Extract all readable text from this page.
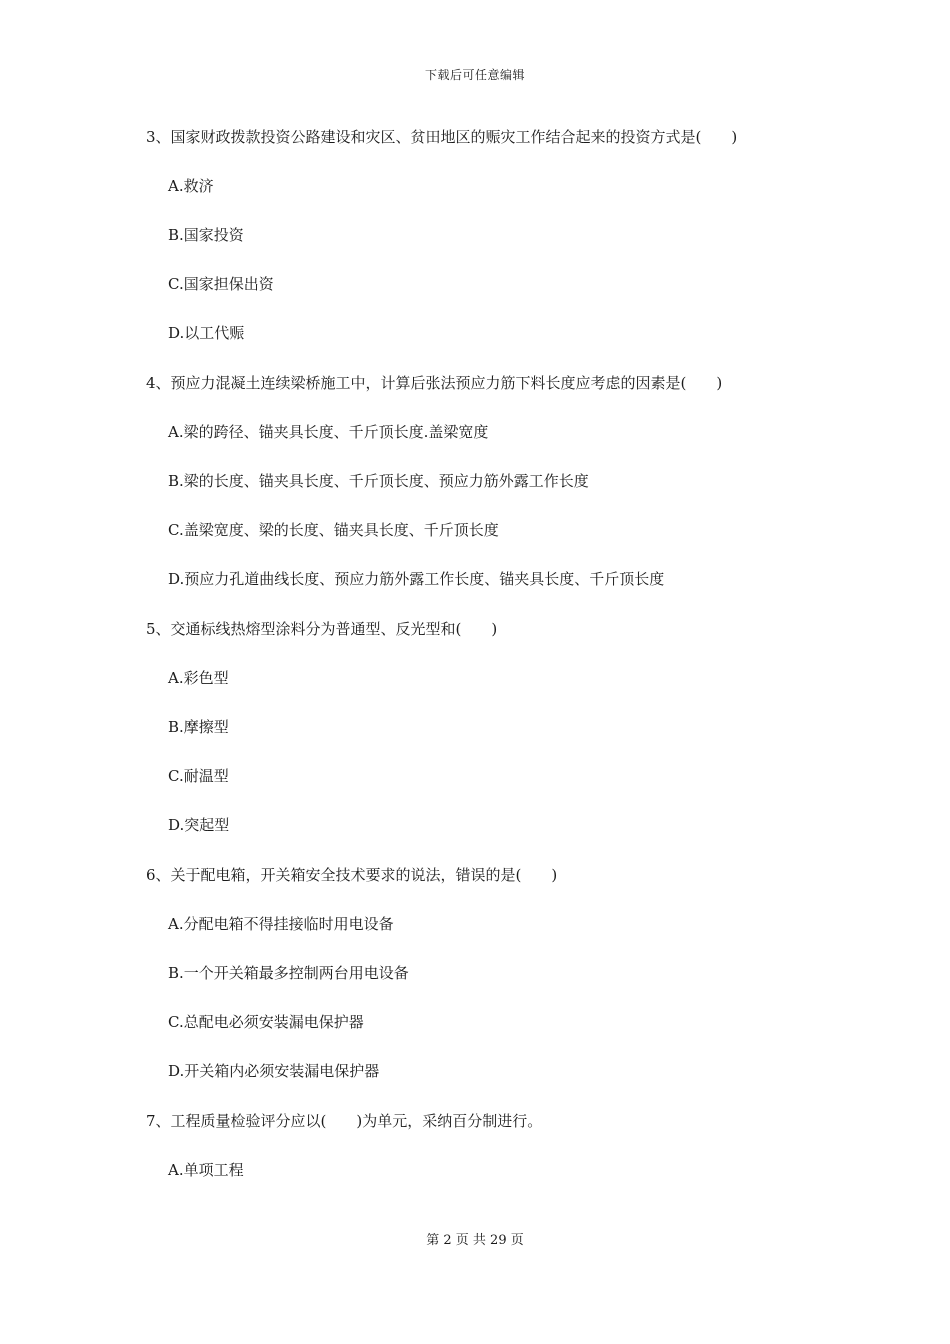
下载后可任意编辑
3、国家财政拨款投资公路建设和灾区、贫田地区的赈灾工作结合起来的投资方式是(　　)
A.救济
B.国家投资
C.国家担保出资
D.以工代赈
4、预应力混凝土连续梁桥施工中，计算后张法预应力筋下料长度应考虑的因素是(　　)
A.梁的跨径、锚夹具长度、千斤顶长度.盖梁宽度
B.梁的长度、锚夹具长度、千斤顶长度、预应力筋外露工作长度
C.盖梁宽度、梁的长度、锚夹具长度、千斤顶长度
D.预应力孔道曲线长度、预应力筋外露工作长度、锚夹具长度、千斤顶长度
5、交通标线热熔型涂料分为普通型、反光型和(　　)
A.彩色型
B.摩擦型
C.耐温型
D.突起型
6、关于配电箱，开关箱安全技术要求的说法，错误的是(　　)
A.分配电箱不得挂接临时用电设备
B.一个开关箱最多控制两台用电设备
C.总配电必须安装漏电保护器
D.开关箱内必须安装漏电保护器
7、工程质量检验评分应以(　　)为单元，采纳百分制进行。
A.单项工程
第 2 页 共 29 页
